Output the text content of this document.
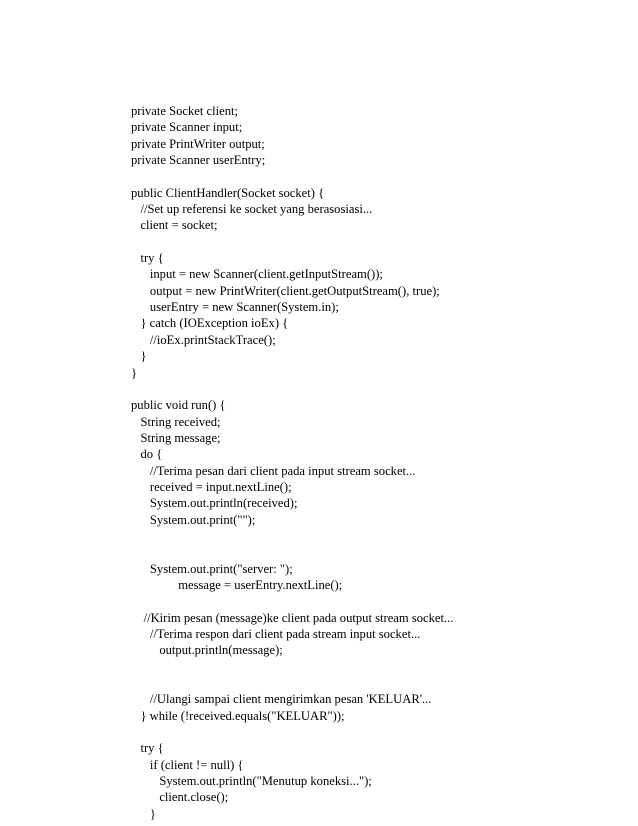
private Socket client;
private Scanner input;
private PrintWriter output;
private Scanner userEntry;
public ClientHandler(Socket socket) {
//Set up referensi ke socket yang berasosiasi...
client = socket;
try {
input = new Scanner(client.getInputStream());
output = new PrintWriter(client.getOutputStream(), true);
userEntry = new Scanner(System.in);
} catch (IOException ioEx) {
//ioEx.printStackTrace();
}
}
public void run() {
String received;
String message;
do {
//Terima pesan dari client pada input stream socket...
received = input.nextLine();
System.out.println(received);
System.out.print("");
System.out.print("server: ");
message = userEntry.nextLine();
//Kirim pesan (message)ke client pada output stream socket...
//Terima respon dari client pada stream input socket...
output.println(message);
//Ulangi sampai client mengirimkan pesan 'KELUAR'...
} while (!received.equals("KELUAR"));
try {
if (client != null) {
System.out.println("Menutup koneksi...");
client.close();
}
